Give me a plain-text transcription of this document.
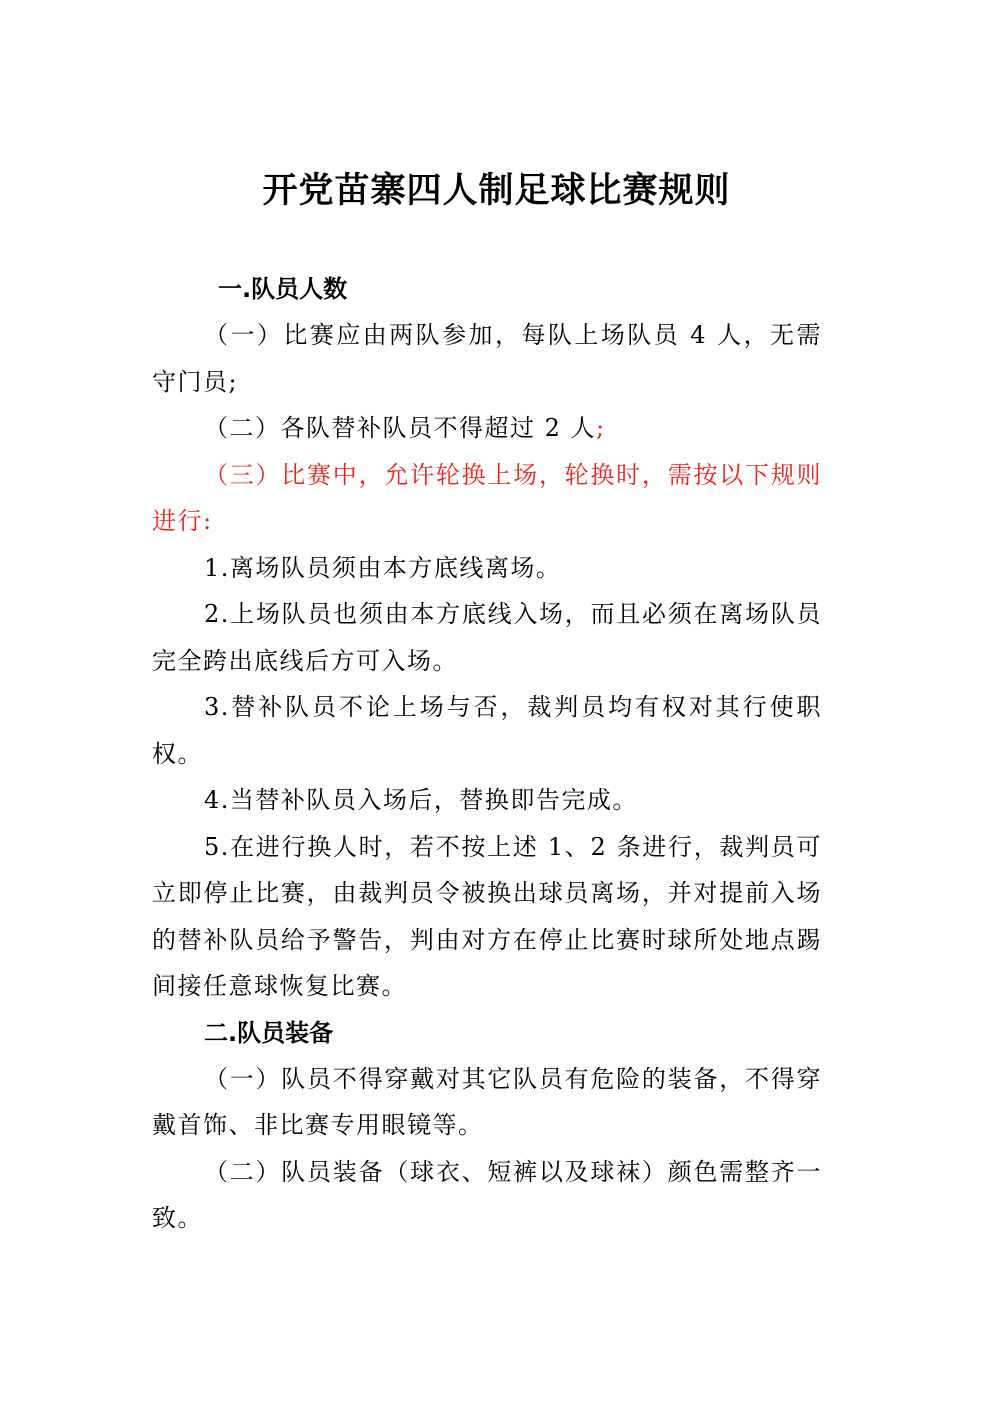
开党苗寨四人制足球比赛规则
一.队员人数

（一）比赛应由两队参加，每队上场队员 4 人，无需守门员;

（二）各队替补队员不得超过 2 人;

（三）比赛中，允许轮换上场，轮换时，需按以下规则进行:

1.离场队员须由本方底线离场。

2.上场队员也须由本方底线入场，而且必须在离场队员完全跨出底线后方可入场。

3.替补队员不论上场与否，裁判员均有权对其行使职权。

4.当替补队员入场后，替换即告完成。

5.在进行换人时，若不按上述 1、2 条进行，裁判员可立即停止比赛，由裁判员令被换出球员离场，并对提前入场的替补队员给予警告，判由对方在停止比赛时球所处地点踢间接任意球恢复比赛。

二.队员装备

（一）队员不得穿戴对其它队员有危险的装备，不得穿戴首饰、非比赛专用眼镜等。

（二）队员装备（球衣、短裤以及球袜）颜色需整齐一致。
